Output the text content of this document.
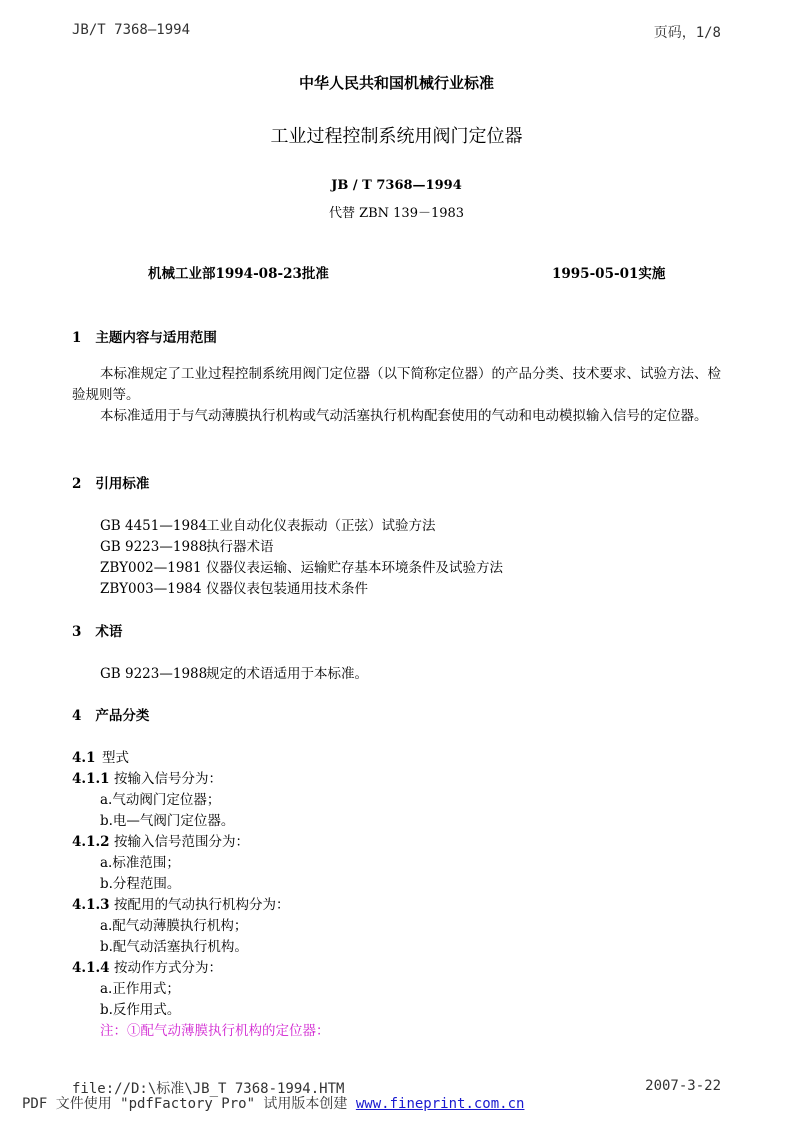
JB/T 7368—1994	页码，1/8
中华人民共和国机械行业标准
工业过程控制系统用阀门定位器
JB / T 7368—1994
代替 ZBN 139－1983
机械工业部1994-08-23批准	1995-05-01实施
1 主题内容与适用范围

本标准规定了工业过程控制系统用阀门定位器（以下简称定位器）的产品分类、技术要求、试验方法、检验规则等。

本标准适用于与气动薄膜执行机构或气动活塞执行机构配套使用的气动和电动模拟输入信号的定位器。

2 引用标准
GB 4451—1984工业自动化仪表振动（正弦）试验方法
GB 9223—1988执行器术语
ZBY002—1981 仪器仪表运输、运输贮存基本环境条件及试验方法
ZBY003—1984 仪器仪表包装通用技术条件
3 术语
GB 9223—1988规定的术语适用于本标准。
4 产品分类
4.1 型式
4.1.1 按输入信号分为：
a.气动阀门定位器；
b.电—气阀门定位器。
4.1.2 按输入信号范围分为：
a.标准范围；
b.分程范围。
4.1.3 按配用的气动执行机构分为：
a.配气动薄膜执行机构；
b.配气动活塞执行机构。
4.1.4 按动作方式分为：
a.正作用式；
b.反作用式。
注：①配气动薄膜执行机构的定位器：
file://D:\标准\JB_T 7368-1994.HTM	2007-3-22
PDF 文件使用 "pdfFactory Pro" 试用版本创建 www.fineprint.com.cn
